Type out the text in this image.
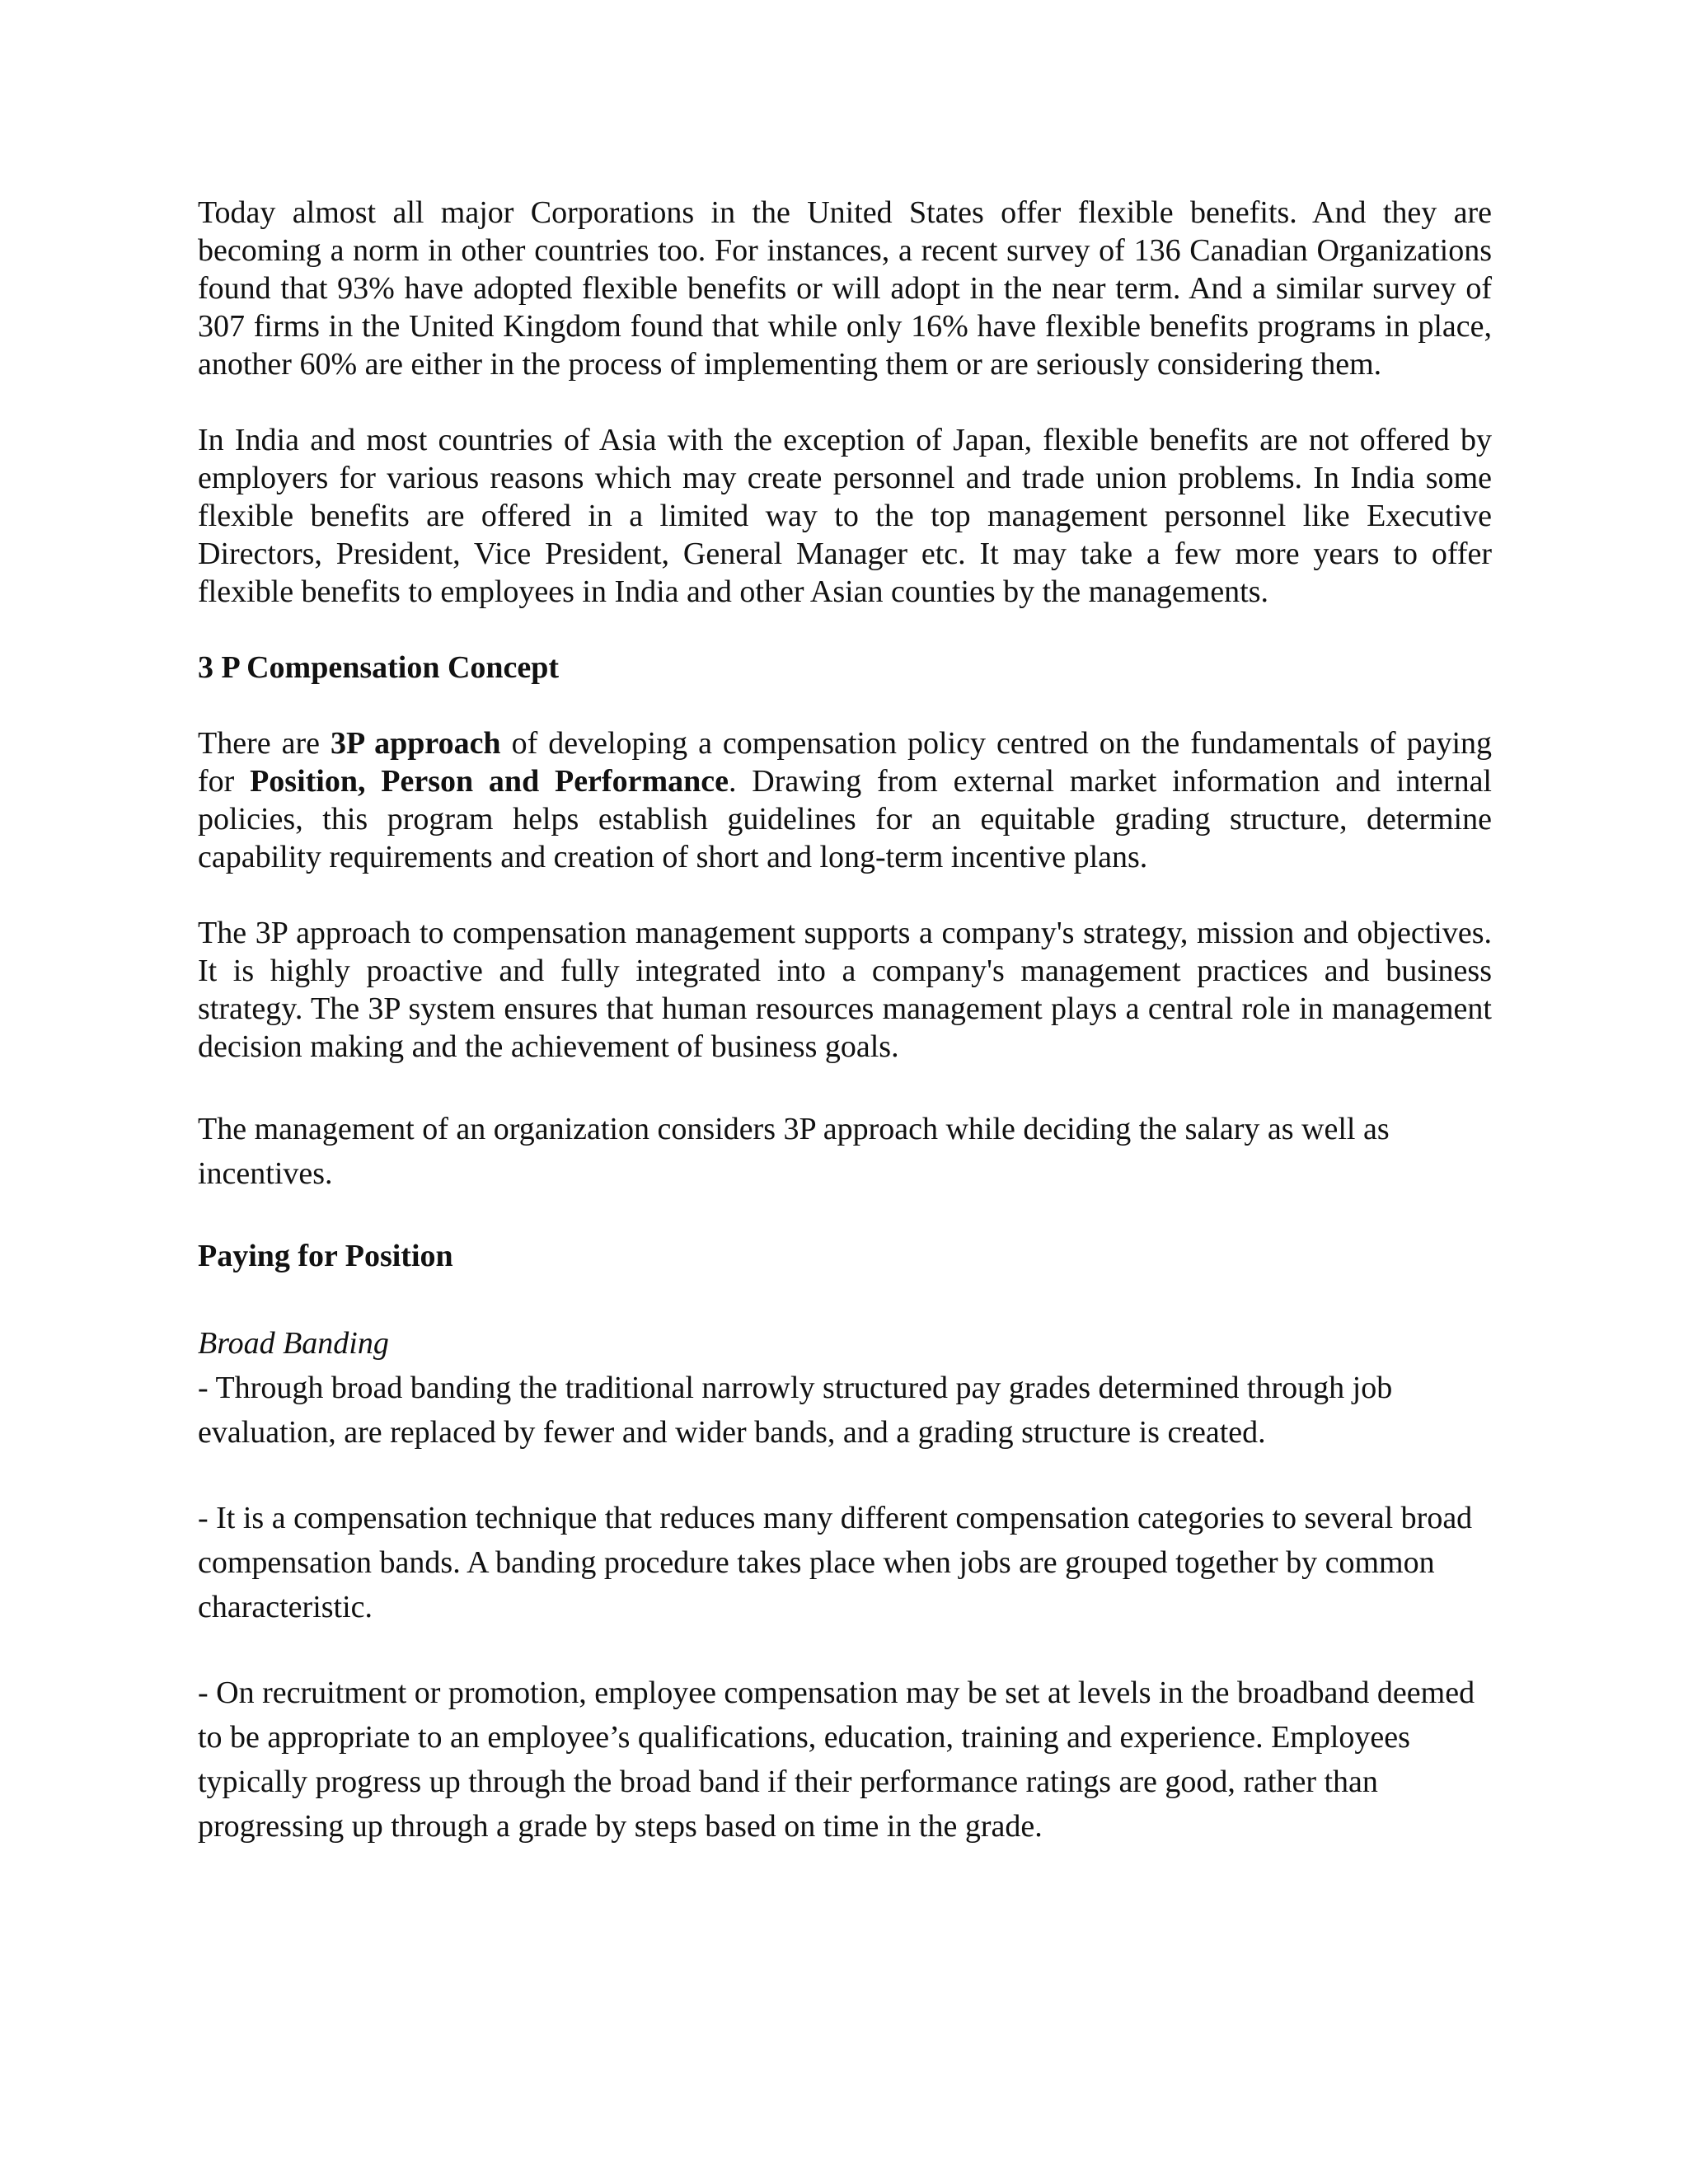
Today almost all major Corporations in the United States offer flexible benefits. And they are becoming a norm in other countries too. For instances, a recent survey of 136 Canadian Organizations found that 93% have adopted flexible benefits or will adopt in the near term. And a similar survey of 307 firms in the United Kingdom found that while only 16% have flexible benefits programs in place, another 60% are either in the process of implementing them or are seriously considering them.

In India and most countries of Asia with the exception of Japan, flexible benefits are not offered by employers for various reasons which may create personnel and trade union problems. In India some flexible benefits are offered in a limited way to the top management personnel like Executive Directors, President, Vice President, General Manager etc. It may take a few more years to offer flexible benefits to employees in India and other Asian counties by the managements.

3 P Compensation Concept

There are 3P approach of developing a compensation policy centred on the fundamentals of paying for Position, Person and Performance. Drawing from external market information and internal policies, this program helps establish guidelines for an equitable grading structure, determine capability requirements and creation of short and long-term incentive plans.

The 3P approach to compensation management supports a company's strategy, mission and objectives. It is highly proactive and fully integrated into a company's management practices and business strategy. The 3P system ensures that human resources management plays a central role in management decision making and the achievement of business goals.

The management of an organization considers 3P approach while deciding the salary as well as incentives.

Paying for Position

Broad Banding

- Through broad banding the traditional narrowly structured pay grades determined through job evaluation, are replaced by fewer and wider bands, and a grading structure is created.

- It is a compensation technique that reduces many different compensation categories to several broad compensation bands. A banding procedure takes place when jobs are grouped together by common characteristic.

- On recruitment or promotion, employee compensation may be set at levels in the broadband deemed to be appropriate to an employee’s qualifications, education, training and experience. Employees typically progress up through the broad band if their performance ratings are good, rather than progressing up through a grade by steps based on time in the grade.
